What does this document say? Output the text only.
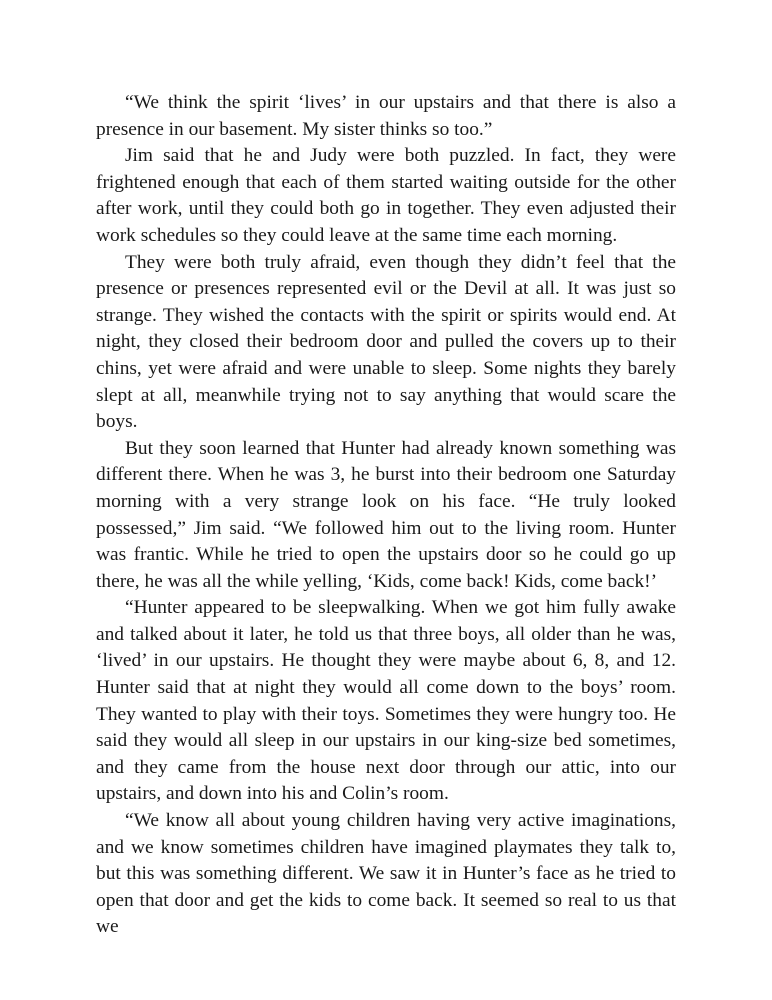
“We think the spirit ‘lives’ in our upstairs and that there is also a presence in our basement. My sister thinks so too.”

Jim said that he and Judy were both puzzled. In fact, they were frightened enough that each of them started waiting outside for the other after work, until they could both go in together. They even adjusted their work schedules so they could leave at the same time each morning.

They were both truly afraid, even though they didn’t feel that the presence or presences represented evil or the Devil at all. It was just so strange. They wished the contacts with the spirit or spirits would end. At night, they closed their bedroom door and pulled the covers up to their chins, yet were afraid and were unable to sleep. Some nights they barely slept at all, meanwhile trying not to say anything that would scare the boys.

But they soon learned that Hunter had already known something was different there. When he was 3, he burst into their bedroom one Saturday morning with a very strange look on his face. “He truly looked possessed,” Jim said. “We followed him out to the living room. Hunter was frantic. While he tried to open the upstairs door so he could go up there, he was all the while yelling, ‘Kids, come back! Kids, come back!’

“Hunter appeared to be sleepwalking. When we got him fully awake and talked about it later, he told us that three boys, all older than he was, ‘lived’ in our upstairs. He thought they were maybe about 6, 8, and 12. Hunter said that at night they would all come down to the boys’ room. They wanted to play with their toys. Sometimes they were hungry too. He said they would all sleep in our upstairs in our king-size bed sometimes, and they came from the house next door through our attic, into our upstairs, and down into his and Colin’s room.

“We know all about young children having very active imaginations, and we know sometimes children have imagined playmates they talk to, but this was something different. We saw it in Hunter’s face as he tried to open that door and get the kids to come back. It seemed so real to us that we
